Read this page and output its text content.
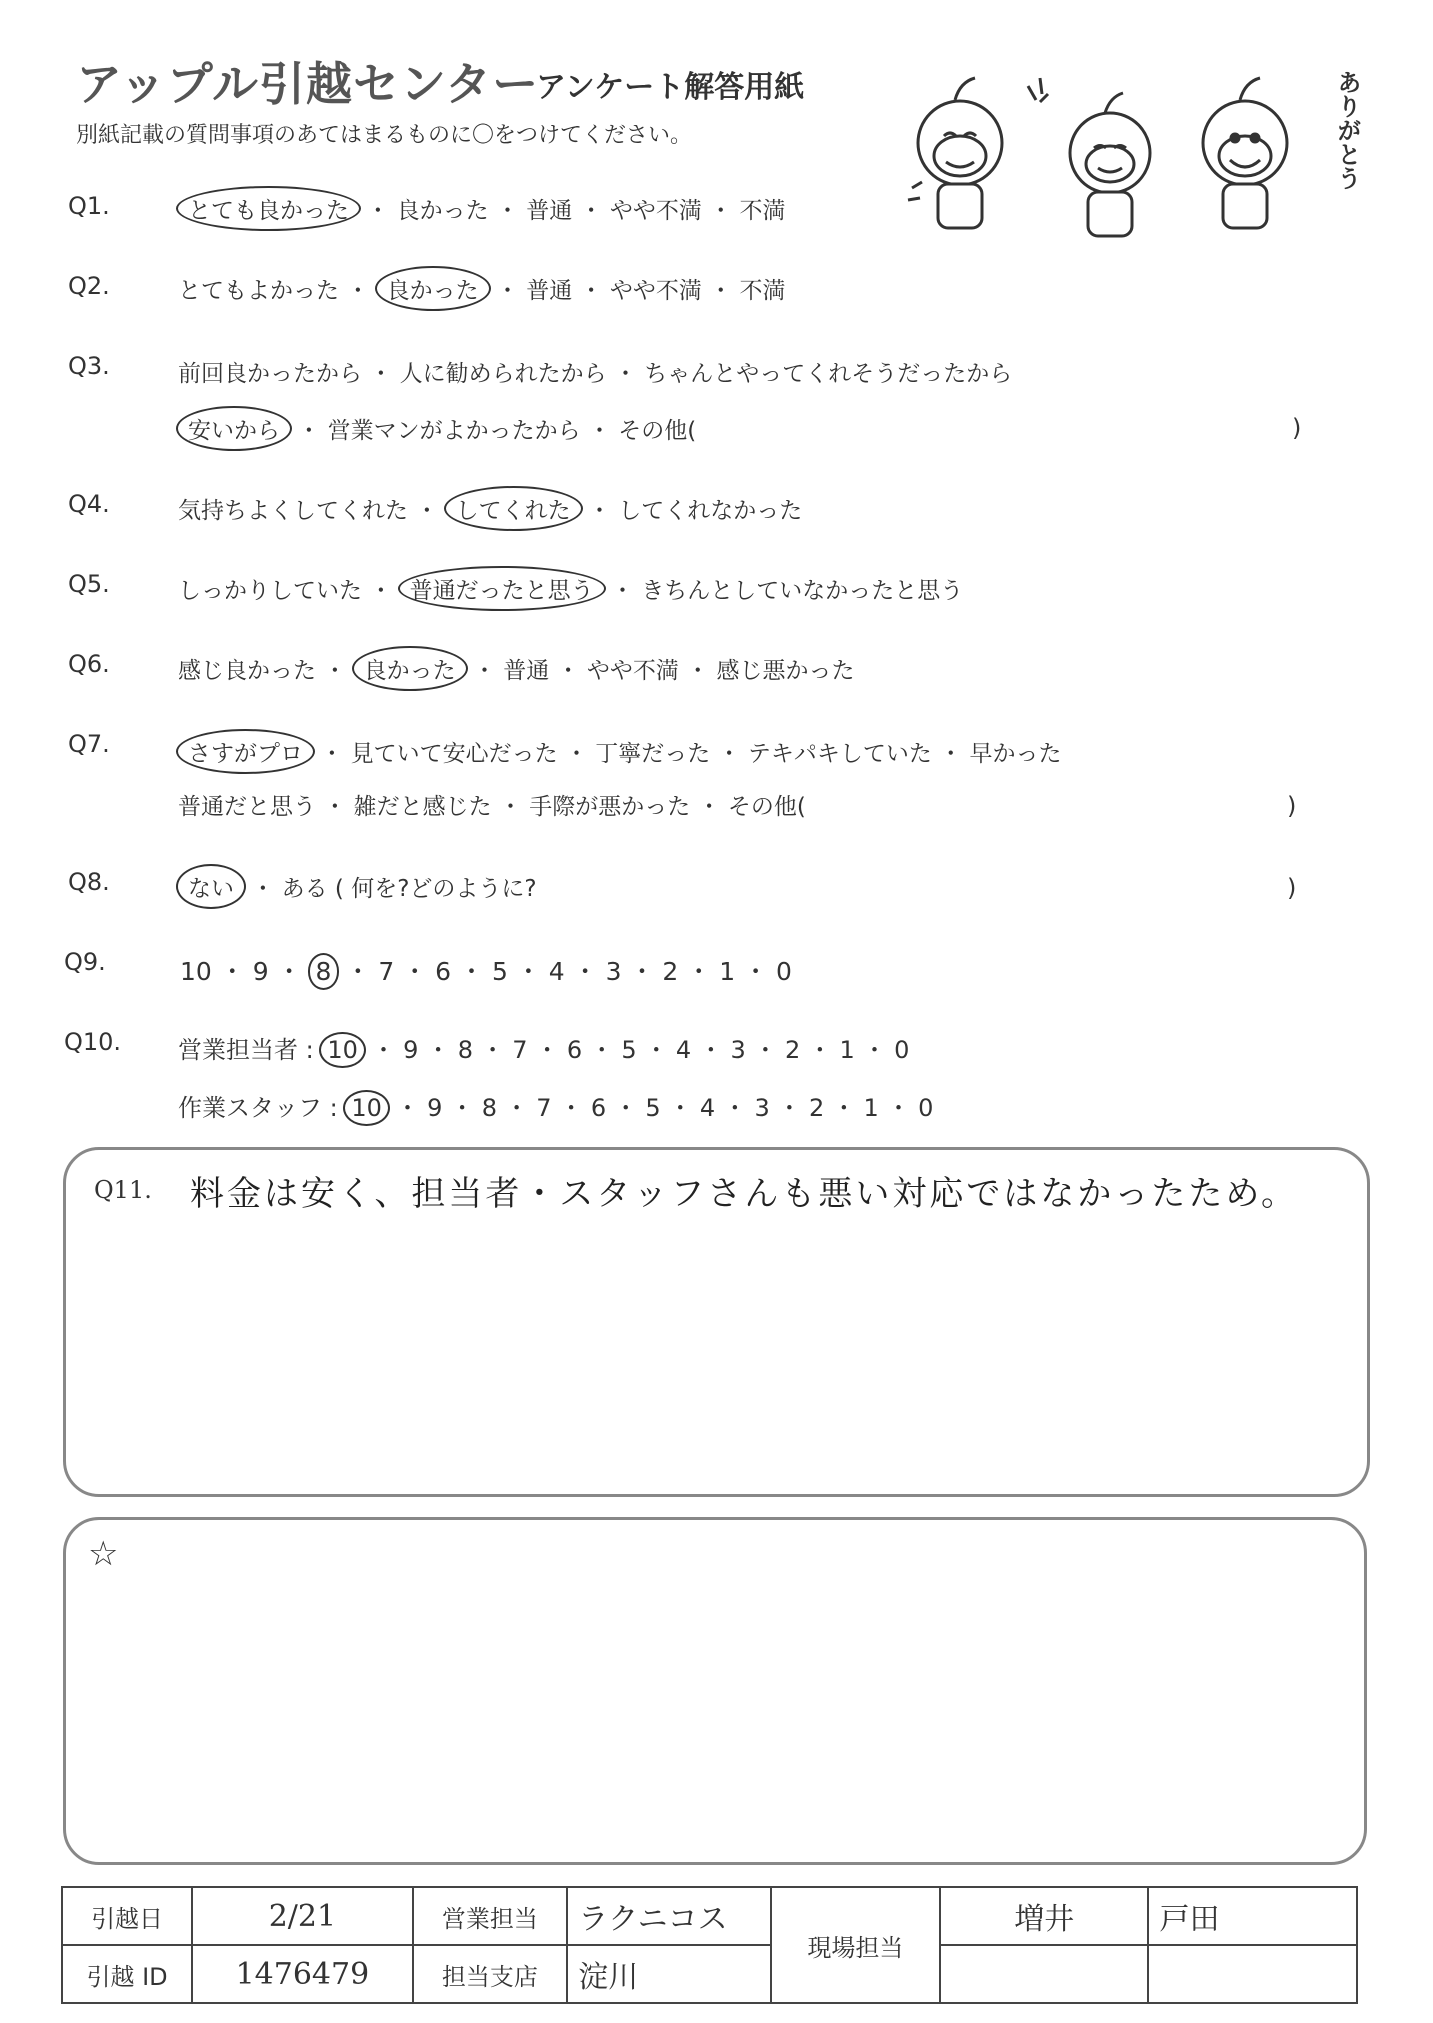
アップル引越センター
アンケート解答用紙
別紙記載の質問事項のあてはまるものに〇をつけてください。	ありがとう
Q1.	とても良かった ・ 良かった ・ 普通 ・ やや不満 ・ 不満
Q2.	とてもよかった ・ 良かった ・ 普通 ・ やや不満 ・ 不満
Q3.	前回良かったから ・ 人に勧められたから ・ ちゃんとやってくれそうだったから
安いから ・ 営業マンがよかったから ・ その他(	)
Q4.	気持ちよくしてくれた ・ してくれた ・ してくれなかった
Q5.	しっかりしていた ・ 普通だったと思う ・ きちんとしていなかったと思う
Q6.	感じ良かった ・ 良かった ・ 普通 ・ やや不満 ・ 感じ悪かった
Q7.	さすがプロ ・ 見ていて安心だった ・ 丁寧だった ・ テキパキしていた ・ 早かった
普通だと思う ・ 雑だと感じた ・ 手際が悪かった ・ その他(	)
Q8.	ない ・ ある ( 何を?どのように?	)
Q9.	10 ・ 9 ・ 8 ・ 7 ・ 6 ・ 5 ・ 4 ・ 3 ・ 2 ・ 1 ・ 0
Q10. 営業担当者 : 10 ・ 9 ・ 8 ・ 7 ・ 6 ・ 5 ・ 4 ・ 3 ・ 2 ・ 1 ・ 0
作業スタッフ : 10 ・ 9 ・ 8 ・ 7 ・ 6 ・ 5 ・ 4 ・ 3 ・ 2 ・ 1 ・ 0
Q11. 料金は安く、担当者・スタッフさんも悪い対応ではなかったため。
☆
引越日	2/21	営業担当	ラクニコス	現場担当	増井	戸田
引越 ID	1476479	担当支店	淀川			
